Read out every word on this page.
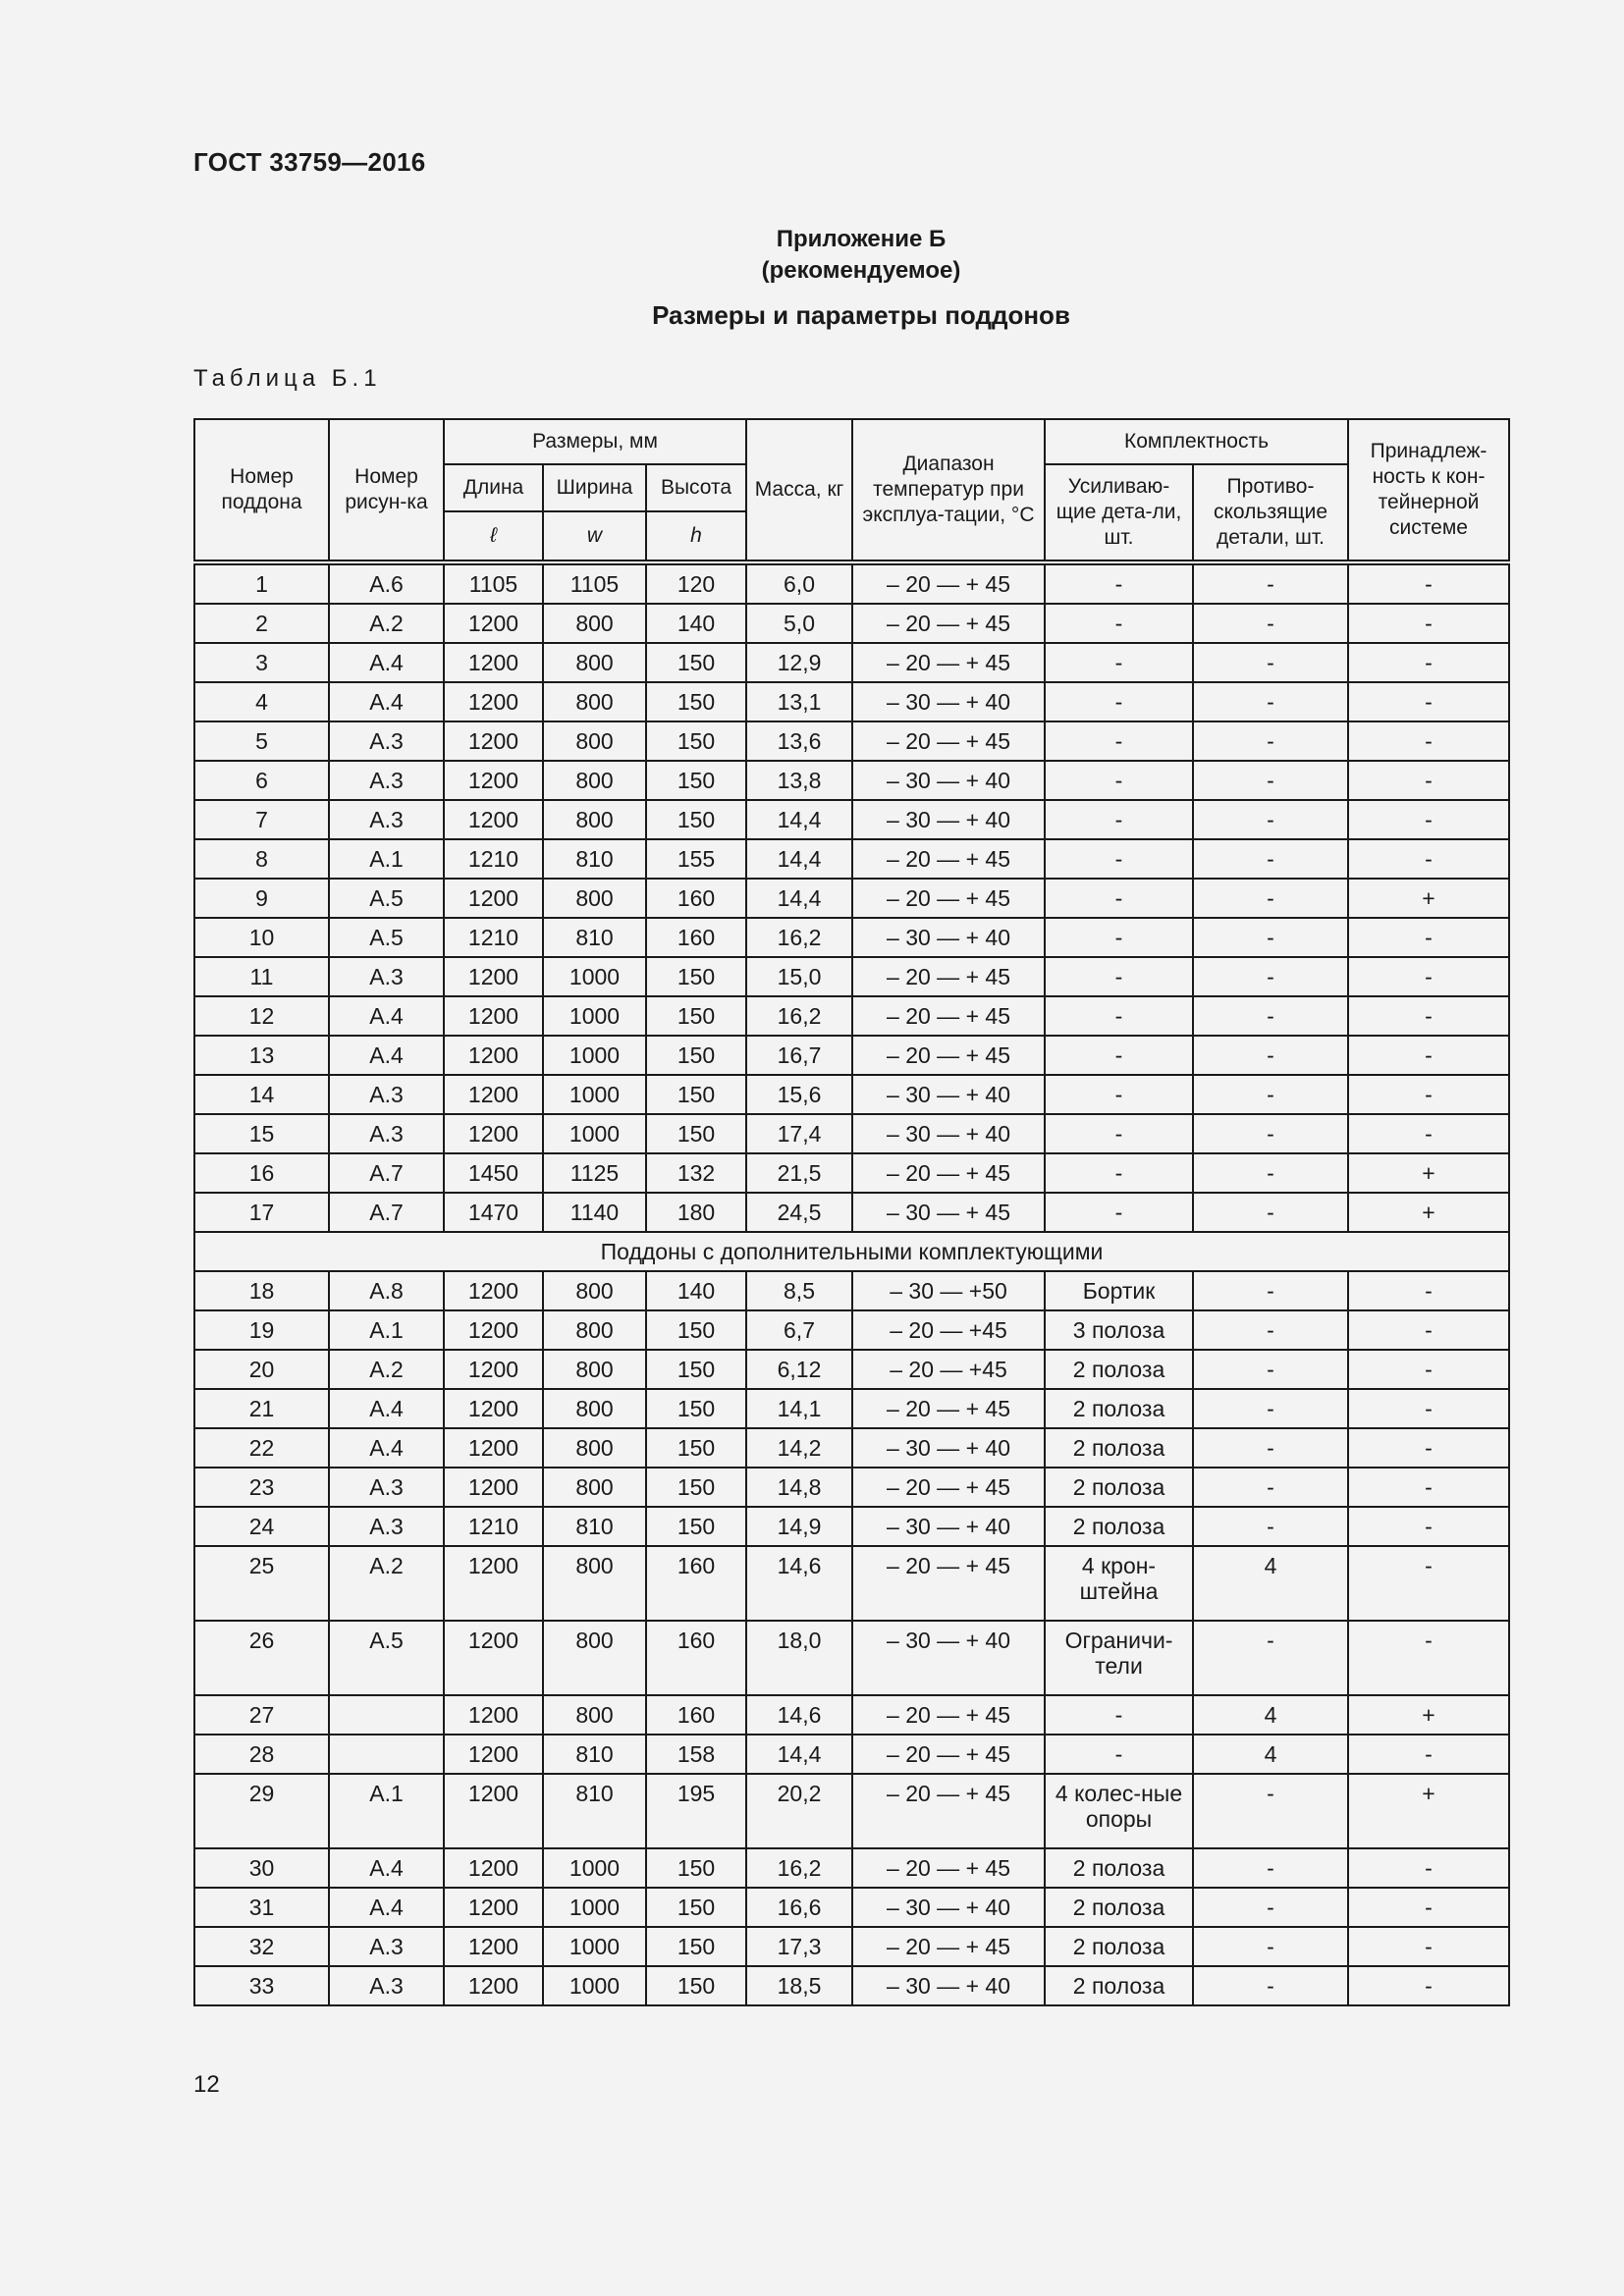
ГОСТ 33759—2016
Приложение Б
(рекомендуемое)
Размеры и параметры поддонов
Таблица Б.1
Номер поддона	Номер рисун-ка	Размеры, мм			Масса, кг	Диапазон температур при эксплуа-тации, °С	Комплектность		Принадлеж-ность к кон-тейнерной системе
		Длина	Ширина	Высота			Усиливаю-щие дета-ли, шт.	Противо-скользящие детали, шт.	
		ℓ	w	h					
1	А.6	1105	1105	120	6,0	– 20 — + 45	-	-	-
2	А.2	1200	800	140	5,0	– 20 — + 45	-	-	-
3	А.4	1200	800	150	12,9	– 20 — + 45	-	-	-
4	А.4	1200	800	150	13,1	– 30 — + 40	-	-	-
5	А.3	1200	800	150	13,6	– 20 — + 45	-	-	-
6	А.3	1200	800	150	13,8	– 30 — + 40	-	-	-
7	А.3	1200	800	150	14,4	– 30 — + 40	-	-	-
8	А.1	1210	810	155	14,4	– 20 — + 45	-	-	-
9	А.5	1200	800	160	14,4	– 20 — + 45	-	-	+
10	А.5	1210	810	160	16,2	– 30 — + 40	-	-	-
11	А.3	1200	1000	150	15,0	– 20 — + 45	-	-	-
12	А.4	1200	1000	150	16,2	– 20 — + 45	-	-	-
13	А.4	1200	1000	150	16,7	– 20 — + 45	-	-	-
14	А.3	1200	1000	150	15,6	– 30 — + 40	-	-	-
15	А.3	1200	1000	150	17,4	– 30 — + 40	-	-	-
16	А.7	1450	1125	132	21,5	– 20 — + 45	-	-	+
17	А.7	1470	1140	180	24,5	– 30 — + 45	-	-	+
Поддоны с дополнительными комплектующими									
18	А.8	1200	800	140	8,5	– 30 — +50	Бортик	-	-
19	А.1	1200	800	150	6,7	– 20 — +45	3 полоза	-	-
20	А.2	1200	800	150	6,12	– 20 — +45	2 полоза	-	-
21	А.4	1200	800	150	14,1	– 20 — + 45	2 полоза	-	-
22	А.4	1200	800	150	14,2	– 30 — + 40	2 полоза	-	-
23	А.3	1200	800	150	14,8	– 20 — + 45	2 полоза	-	-
24	А.3	1210	810	150	14,9	– 30 — + 40	2 полоза	-	-
25	А.2	1200	800	160	14,6	– 20 — + 45	4 крон-штейна	4	-
26	А.5	1200	800	160	18,0	– 30 — + 40	Ограничи-тели	-	-
27		1200	800	160	14,6	– 20 — + 45	-	4	+
28		1200	810	158	14,4	– 20 — + 45	-	4	-
29	А.1	1200	810	195	20,2	– 20 — + 45	4 колес-ные опоры	-	+
30	А.4	1200	1000	150	16,2	– 20 — + 45	2 полоза	-	-
31	А.4	1200	1000	150	16,6	– 30 — + 40	2 полоза	-	-
32	А.3	1200	1000	150	17,3	– 20 — + 45	2 полоза	-	-
33	А.3	1200	1000	150	18,5	– 30 — + 40	2 полоза	-	-
12
